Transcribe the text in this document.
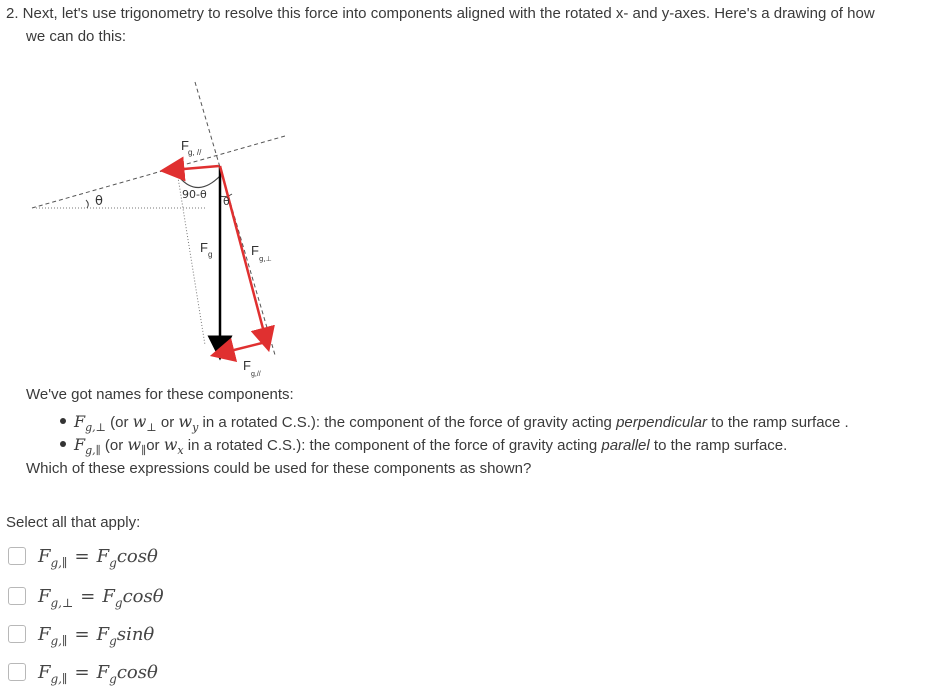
2. Next, let's use trigonometry to resolve this force into components aligned with the rotated x- and y-axes. Here's a drawing of how

we can do this:
θ
F g, //
90-θ
θ
F g	F
g,⊥
F
g,//
We've got names for these components:
$F_{g,\perp}$ (or $w_\perp$ or $w_y$ in a rotated C.S.): the component of the force of gravity acting perpendicular to the ramp surface .
$F_{g,\parallel}$ (or $w_\parallel or$ $w_x$ in a rotated C.S.): the component of the force of gravity acting parallel to the ramp surface.
Which of these expressions could be used for these components as shown?
Select all that apply:
$F_{g,\parallel} = F_g\cos\theta$
$F_{g,\perp} = F_g\cos\theta$
$F_{g,\parallel} = F_g\sin\theta$
$F_{g,\parallel} = F_g\cos\theta$
